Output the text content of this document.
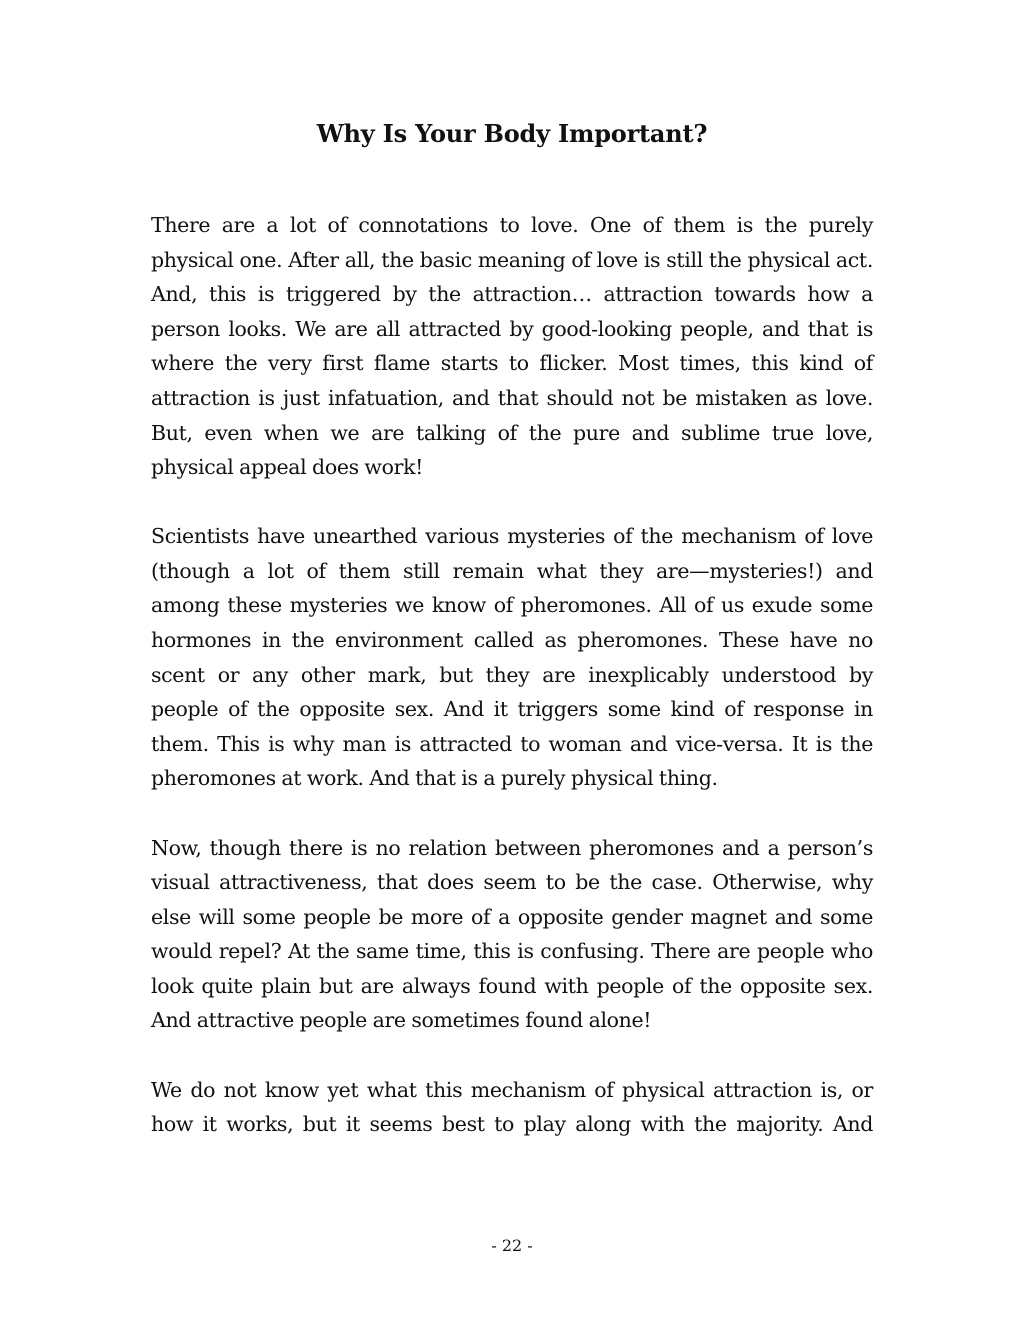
Why Is Your Body Important?

There are a lot of connotations to love. One of them is the purely physical one. After all, the basic meaning of love is still the physical act. And, this is triggered by the attraction… attraction towards how a person looks. We are all attracted by good-looking people, and that is where the very first flame starts to flicker. Most times, this kind of attraction is just infatuation, and that should not be mistaken as love. But, even when we are talking of the pure and sublime true love, physical appeal does work!

Scientists have unearthed various mysteries of the mechanism of love (though a lot of them still remain what they are—mysteries!) and among these mysteries we know of pheromones. All of us exude some hormones in the environment called as pheromones. These have no scent or any other mark, but they are inexplicably understood by people of the opposite sex. And it triggers some kind of response in them. This is why man is attracted to woman and vice-versa. It is the pheromones at work. And that is a purely physical thing.

Now, though there is no relation between pheromones and a person’s visual attractiveness, that does seem to be the case. Otherwise, why else will some people be more of a opposite gender magnet and some would repel? At the same time, this is confusing. There are people who look quite plain but are always found with people of the opposite sex. And attractive people are sometimes found alone!

We do not know yet what this mechanism of physical attraction is, or how it works, but it seems best to play along with the majority. And

- 22 -
